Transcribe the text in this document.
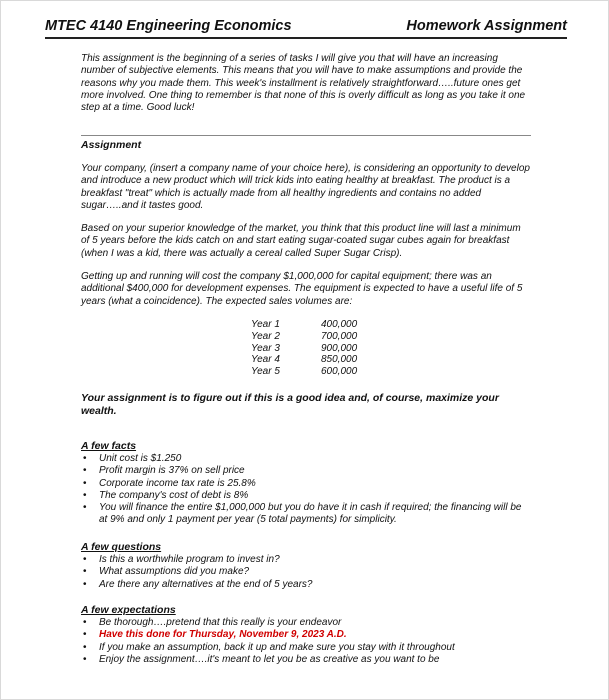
MTEC 4140 Engineering Economics	Homework Assignment

This assignment is the beginning of a series of tasks I will give you that will have an increasing number of subjective elements. This means that you will have to make assumptions and provide the reasons why you made them. This week's installment is relatively straightforward…..future ones get more involved. One thing to remember is that none of this is overly difficult as long as you take it one step at a time. Good luck!

Assignment

Your company, (insert a company name of your choice here), is considering an opportunity to develop and introduce a new product which will trick kids into eating healthy at breakfast. The product is a breakfast "treat" which is actually made from all healthy ingredients and contains no added sugar…..and it tastes good.

Based on your superior knowledge of the market, you think that this product line will last a minimum of 5 years before the kids catch on and start eating sugar-coated sugar cubes again for breakfast (when I was a kid, there was actually a cereal called Super Sugar Crisp).

Getting up and running will cost the company $1,000,000 for capital equipment; there was an additional $400,000 for development expenses. The equipment is expected to have a useful life of 5 years (what a coincidence). The expected sales volumes are:

Year 1	400,000
Year 2	700,000
Year 3	900,000
Year 4	850,000
Year 5	600,000

Your assignment is to figure out if this is a good idea and, of course, maximize your wealth.

A few facts

• Unit cost is $1.250
• Profit margin is 37% on sell price
• Corporate income tax rate is 25.8%
• The company's cost of debt is 8%
• You will finance the entire $1,000,000 but you do have it in cash if required; the financing will be at 9% and only 1 payment per year (5 total payments) for simplicity.

A few questions

• Is this a worthwhile program to invest in?
• What assumptions did you make?
• Are there any alternatives at the end of 5 years?

A few expectations

• Be thorough….pretend that this really is your endeavor
• Have this done for Thursday, November 9, 2023 A.D.
• If you make an assumption, back it up and make sure you stay with it throughout
• Enjoy the assignment….it's meant to let you be as creative as you want to be
